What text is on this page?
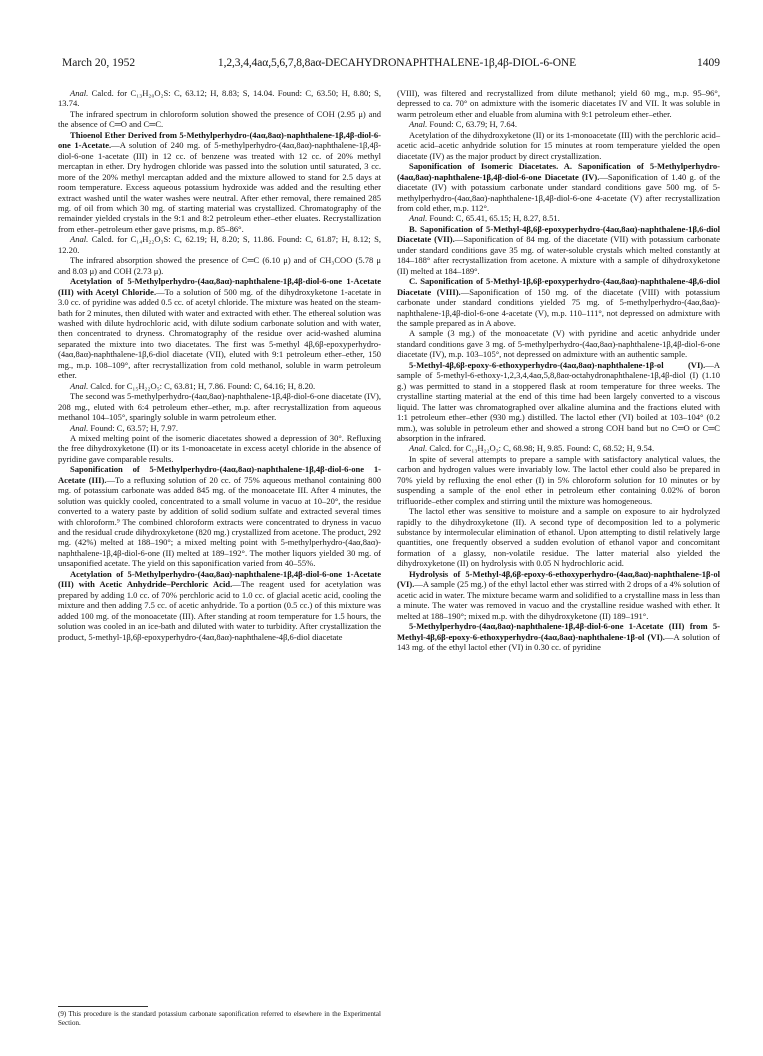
March 20, 1952	1,2,3,4,4aα,5,6,7,8,8aα-DECAHYDRONAPHTHALENE-1β,4β-DIOL-6-ONE	1409

Anal. Calcd. for C₁₃H₂₀O₂S: C, 63.12; H, 8.83; S, 14.04. Found: C, 63.50; H, 8.80; S, 13.74.

The infrared spectrum in chloroform solution showed the presence of COH (2.95 μ) and the absence of C═O and C═C.

Thioenol Ether Derived from 5-Methylperhydro-(4aα,8aα)-naphthalene-1β,4β-diol-6-one 1-Acetate.—A solution of 240 mg. of 5-methylperhydro-(4aα,8aα)-naphthalene-1β,4β-diol-6-one 1-acetate (III) in 12 cc. of benzene was treated with 12 cc. of 20% methyl mercaptan in ether. Dry hydrogen chloride was passed into the solution until saturated, 3 cc. more of the 20% methyl mercaptan added and the mixture allowed to stand for 2.5 days at room temperature. Excess aqueous potassium hydroxide was added and the resulting ether extract washed until the water washes were neutral. After ether removal, there remained 285 mg. of oil from which 30 mg. of starting material was crystallized. Chromatography of the remainder yielded crystals in the 9:1 and 8:2 petroleum ether–ether eluates. Recrystallization from ether–petroleum ether gave prisms, m.p. 85–86°.

Anal. Calcd. for C₁₄H₂₂O₃S: C, 62.19; H, 8.20; S, 11.86. Found: C, 61.87; H, 8.12; S, 12.20.

The infrared absorption showed the presence of C═C (6.10 μ) and of CH₃COO (5.78 μ and 8.03 μ) and COH (2.73 μ).

Acetylation of 5-Methylperhydro-(4aα,8aα)-naphthalene-1β,4β-diol-6-one 1-Acetate (III) with Acetyl Chloride.—To a solution of 500 mg. of the dihydroxyketone 1-acetate in 3.0 cc. of pyridine was added 0.5 cc. of acetyl chloride. The mixture was heated on the steam-bath for 2 minutes, then diluted with water and extracted with ether. The ethereal solution was washed with dilute hydrochloric acid, with dilute sodium carbonate solution and with water, then concentrated to dryness. Chromatography of the residue over acid-washed alumina separated the mixture into two diacetates. The first was 5-methyl 4β,6β-epoxyperhydro-(4aα,8aα)-naphthalene-1β,6-diol diacetate (VII), eluted with 9:1 petroleum ether–ether, 150 mg., m.p. 108–109°, after recrystallization from cold methanol, soluble in warm petroleum ether.

Anal. Calcd. for C₁₅H₂₂O₅: C, 63.81; H, 7.86. Found: C, 64.16; H, 8.20.

The second was 5-methylperhydro-(4aα,8aα)-naphthalene-1β,4β-diol-6-one diacetate (IV), 208 mg., eluted with 6:4 petroleum ether–ether, m.p. after recrystallization from aqueous methanol 104–105°, sparingly soluble in warm petroleum ether.

Anal. Found: C, 63.57; H, 7.97.

A mixed melting point of the isomeric diacetates showed a depression of 30°. Refluxing the free dihydroxyketone (II) or its 1-monoacetate in excess acetyl chloride in the absence of pyridine gave comparable results.

Saponification of 5-Methylperhydro-(4aα,8aα)-naphthalene-1β,4β-diol-6-one 1-Acetate (III).—To a refluxing solution of 20 cc. of 75% aqueous methanol containing 800 mg. of potassium carbonate was added 845 mg. of the monoacetate III. After 4 minutes, the solution was quickly cooled, concentrated to a small volume in vacuo at 10–20°, the residue converted to a watery paste by addition of solid sodium sulfate and extracted several times with chloroform.⁹ The combined chloroform extracts were concentrated to dryness in vacuo and the residual crude dihydroxyketone (820 mg.) crystallized from acetone. The product, 292 mg. (42%) melted at 188–190°; a mixed melting point with 5-methylperhydro-(4aα,8aα)-naphthalene-1β,4β-diol-6-one (II) melted at 189–192°. The mother liquors yielded 30 mg. of unsaponified acetate. The yield on this saponification varied from 40–55%.

Acetylation of 5-Methylperhydro-(4aα,8aα)-naphthalene-1β,4β-diol-6-one 1-Acetate (III) with Acetic Anhydride–Perchloric Acid.—The reagent used for acetylation was prepared by adding 1.0 cc. of 70% perchloric acid to 1.0 cc. of glacial acetic acid, cooling the mixture and then adding 7.5 cc. of acetic anhydride. To a portion (0.5 cc.) of this mixture was added 100 mg. of the monoacetate (III). After standing at room temperature for 1.5 hours, the solution was cooled in an ice-bath and diluted with water to turbidity. After crystallization the product, 5-methyl-1β,6β-epoxyperhydro-(4aα,8aα)-naphthalene-4β,6-diol diacetate

(VIII), was filtered and recrystallized from dilute methanol; yield 60 mg., m.p. 95–96°, depressed to ca. 70° on admixture with the isomeric diacetates IV and VII. It was soluble in warm petroleum ether and eluable from alumina with 9:1 petroleum ether–ether.

Anal. Found: C, 63.79; H, 7.64.

Acetylation of the dihydroxyketone (II) or its 1-monoacetate (III) with the perchloric acid–acetic acid–acetic anhydride solution for 15 minutes at room temperature yielded the open diacetate (IV) as the major product by direct crystallization.

Saponification of Isomeric Diacetates. A. Saponification of 5-Methylperhydro-(4aα,8aα)-naphthalene-1β,4β-diol-6-one Diacetate (IV).—Saponification of 1.40 g. of the diacetate (IV) with potassium carbonate under standard conditions gave 500 mg. of 5-methylperhydro-(4aα,8aα)-naphthalene-1β,4β-diol-6-one 4-acetate (V) after recrystallization from cold ether, m.p. 112°.

Anal. Found: C, 65.41, 65.15; H, 8.27, 8.51.

B. Saponification of 5-Methyl-4β,6β-epoxyperhydro-(4aα,8aα)-naphthalene-1β,6-diol Diacetate (VII).—Saponification of 84 mg. of the diacetate (VII) with potassium carbonate under standard conditions gave 35 mg. of water-soluble crystals which melted constantly at 184–188° after recrystallization from acetone. A mixture with a sample of dihydroxyketone (II) melted at 184–189°.

C. Saponification of 5-Methyl-1β,6β-epoxyperhydro-(4aα,8aα)-naphthalene-4β,6-diol Diacetate (VIII).—Saponification of 150 mg. of the diacetate (VIII) with potassium carbonate under standard conditions yielded 75 mg. of 5-methylperhydro-(4aα,8aα)-naphthalene-1β,4β-diol-6-one 4-acetate (V), m.p. 110–111°, not depressed on admixture with the sample prepared as in A above.

A sample (3 mg.) of the monoacetate (V) with pyridine and acetic anhydride under standard conditions gave 3 mg. of 5-methylperhydro-(4aα,8aα)-naphthalene-1β,4β-diol-6-one diacetate (IV), m.p. 103–105°, not depressed on admixture with an authentic sample.

5-Methyl-4β,6β-epoxy-6-ethoxyperhydro-(4aα,8aα)-naphthalene-1β-ol (VI).—A sample of 5-methyl-6-ethoxy-1,2,3,4,4aα,5,8,8aα-octahydronaphthalene-1β,4β-diol (I) (1.10 g.) was permitted to stand in a stoppered flask at room temperature for three weeks. The crystalline starting material at the end of this time had been largely converted to a viscous liquid. The latter was chromatographed over alkaline alumina and the fractions eluted with 1:1 petroleum ether–ether (930 mg.) distilled. The lactol ether (VI) boiled at 103–104° (0.2 mm.), was soluble in petroleum ether and showed a strong COH band but no C═O or C═C absorption in the infrared.

Anal. Calcd. for C₁₃H₂₂O₃: C, 68.98; H, 9.85. Found: C, 68.52; H, 9.54.

In spite of several attempts to prepare a sample with satisfactory analytical values, the carbon and hydrogen values were invariably low. The lactol ether could also be prepared in 70% yield by refluxing the enol ether (I) in 5% chloroform solution for 10 minutes or by suspending a sample of the enol ether in petroleum ether containing 0.02% of boron trifluoride–ether complex and stirring until the mixture was homogeneous.

The lactol ether was sensitive to moisture and a sample on exposure to air hydrolyzed rapidly to the dihydroxyketone (II). A second type of decomposition led to a polymeric substance by intermolecular elimination of ethanol. Upon attempting to distil relatively large quantities, one frequently observed a sudden evolution of ethanol vapor and concomitant formation of a glassy, non-volatile residue. The latter material also yielded the dihydroxyketone (II) on hydrolysis with 0.05 N hydrochloric acid.

Hydrolysis of 5-Methyl-4β,6β-epoxy-6-ethoxyperhydro-(4aα,8aα)-naphthalene-1β-ol (VI).—A sample (25 mg.) of the ethyl lactol ether was stirred with 2 drops of a 4% solution of acetic acid in water. The mixture became warm and solidified to a crystalline mass in less than a minute. The water was removed in vacuo and the crystalline residue washed with ether. It melted at 188–190°; mixed m.p. with the dihydroxyketone (II) 189–191°.

5-Methylperhydro-(4aα,8aα)-naphthalene-1β,4β-diol-6-one 1-Acetate (III) from 5-Methyl-4β,6β-epoxy-6-ethoxyperhydro-(4aα,8aα)-naphthalene-1β-ol (VI).—A solution of 143 mg. of the ethyl lactol ether (VI) in 0.30 cc. of pyridine

(9) This procedure is the standard potassium carbonate saponification referred to elsewhere in the Experimental Section.
